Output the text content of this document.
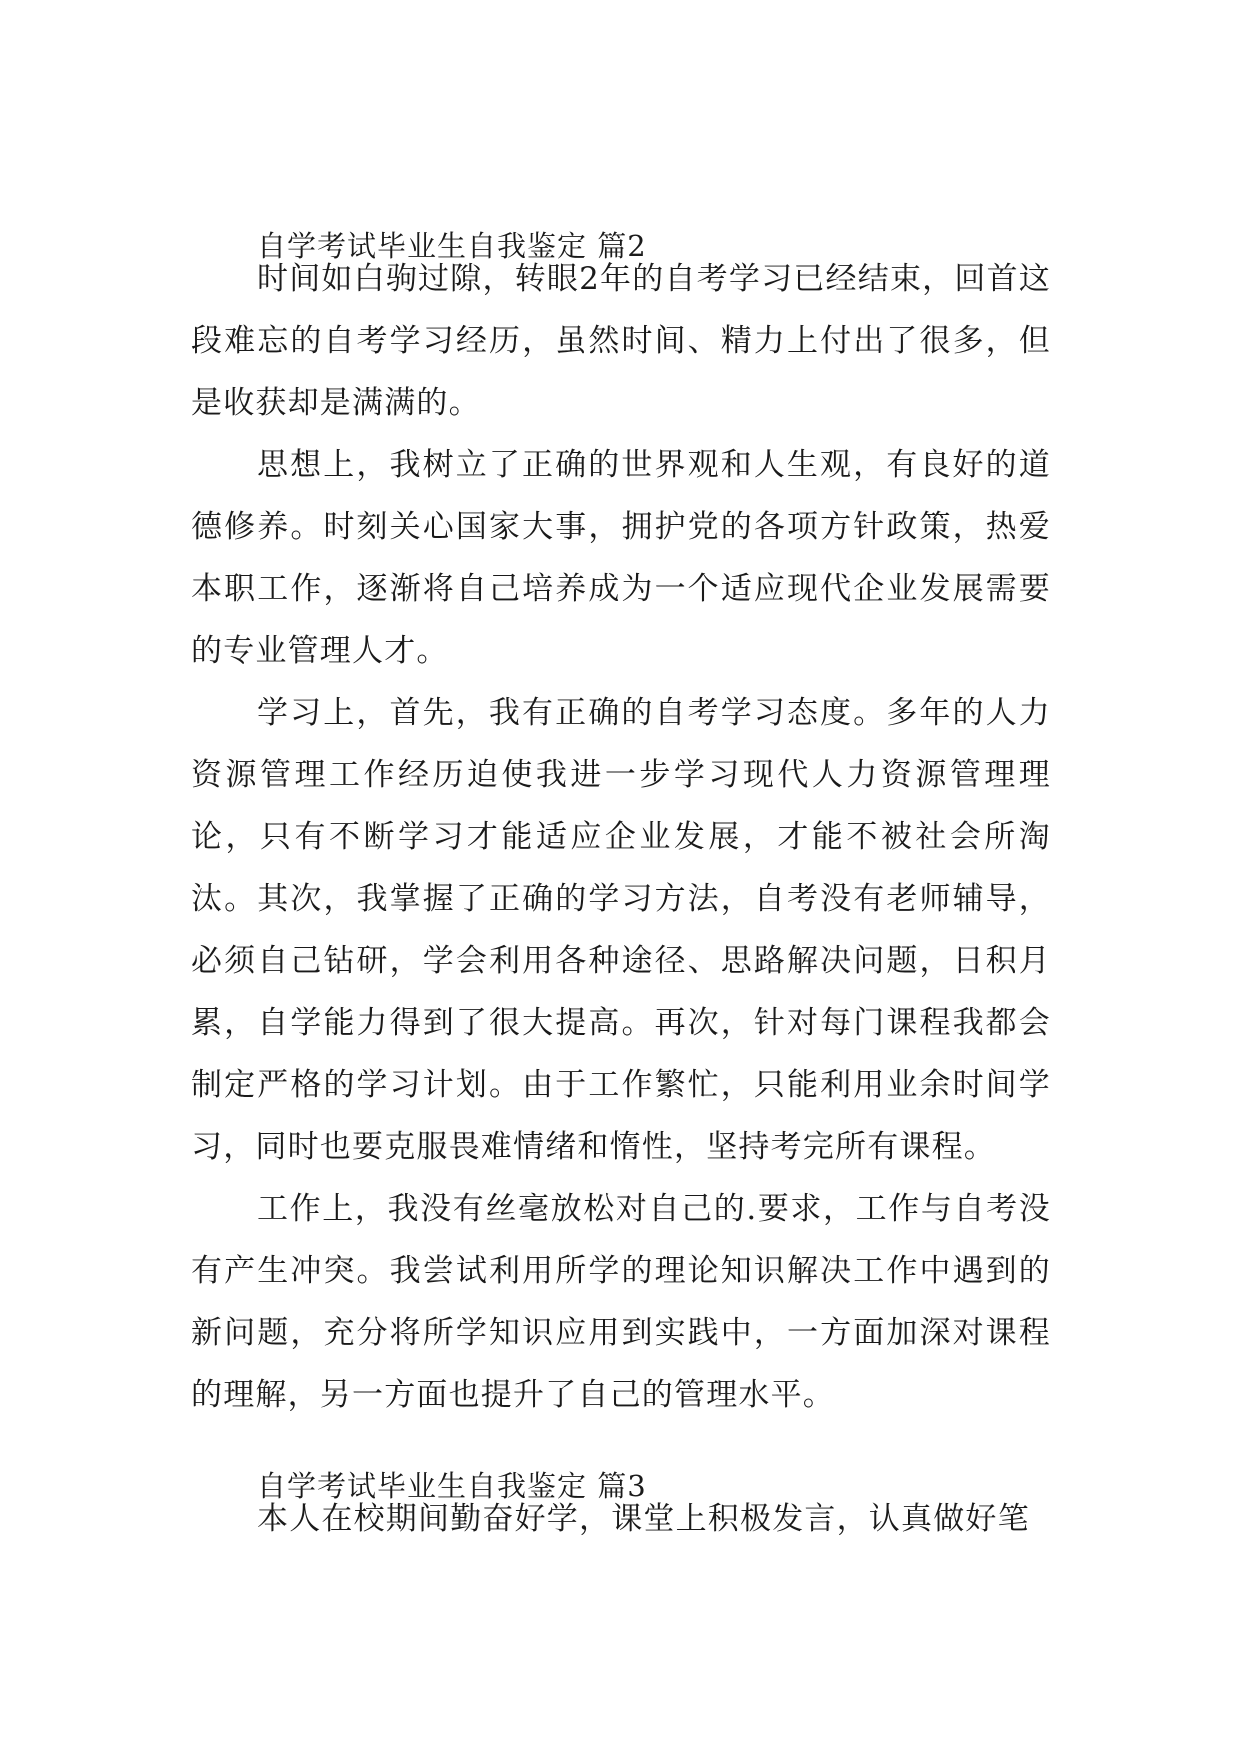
自学考试毕业生自我鉴定 篇2

时间如白驹过隙，转眼2年的自考学习已经结束，回首这段难忘的自考学习经历，虽然时间、精力上付出了很多，但是收获却是满满的。

思想上，我树立了正确的世界观和人生观，有良好的道德修养。时刻关心国家大事，拥护党的各项方针政策，热爱本职工作，逐渐将自己培养成为一个适应现代企业发展需要的专业管理人才。

学习上，首先，我有正确的自考学习态度。多年的人力资源管理工作经历迫使我进一步学习现代人力资源管理理论，只有不断学习才能适应企业发展，才能不被社会所淘汰。其次，我掌握了正确的学习方法，自考没有老师辅导，必须自己钻研，学会利用各种途径、思路解决问题，日积月累，自学能力得到了很大提高。再次，针对每门课程我都会制定严格的学习计划。由于工作繁忙，只能利用业余时间学习，同时也要克服畏难情绪和惰性，坚持考完所有课程。

工作上，我没有丝毫放松对自己的.要求，工作与自考没有产生冲突。我尝试利用所学的理论知识解决工作中遇到的新问题，充分将所学知识应用到实践中，一方面加深对课程的理解，另一方面也提升了自己的管理水平。

自学考试毕业生自我鉴定 篇3

本人在校期间勤奋好学，课堂上积极发言，认真做好笔
